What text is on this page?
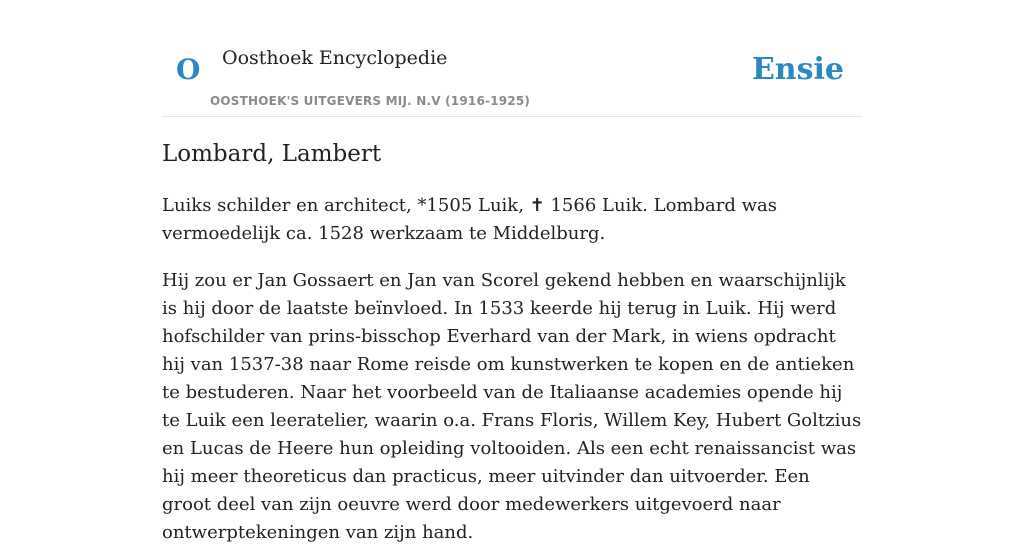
O Oosthoek Encyclopedie
OOSTHOEK'S UITGEVERS MIJ. N.V (1916-1925)
Ensie
Lombard, Lambert

Luiks schilder en architect, *1505 Luik, ✝ 1566 Luik. Lombard was vermoedelijk ca. 1528 werkzaam te Middelburg.

Hij zou er Jan Gossaert en Jan van Scorel gekend hebben en waarschijnlijk is hij door de laatste beïnvloed. In 1533 keerde hij terug in Luik. Hij werd hofschilder van prins-bisschop Everhard van der Mark, in wiens opdracht hij van 1537-38 naar Rome reisde om kunstwerken te kopen en de antieken te bestuderen. Naar het voorbeeld van de Italiaanse academies opende hij te Luik een leeratelier, waarin o.a. Frans Floris, Willem Key, Hubert Goltzius en Lucas de Heere hun opleiding voltooiden. Als een echt renaissancist was hij meer theoreticus dan practicus, meer uitvinder dan uitvoerder. Een groot deel van zijn oeuvre werd door medewerkers uitgevoerd naar ontwerptekeningen van zijn hand.
